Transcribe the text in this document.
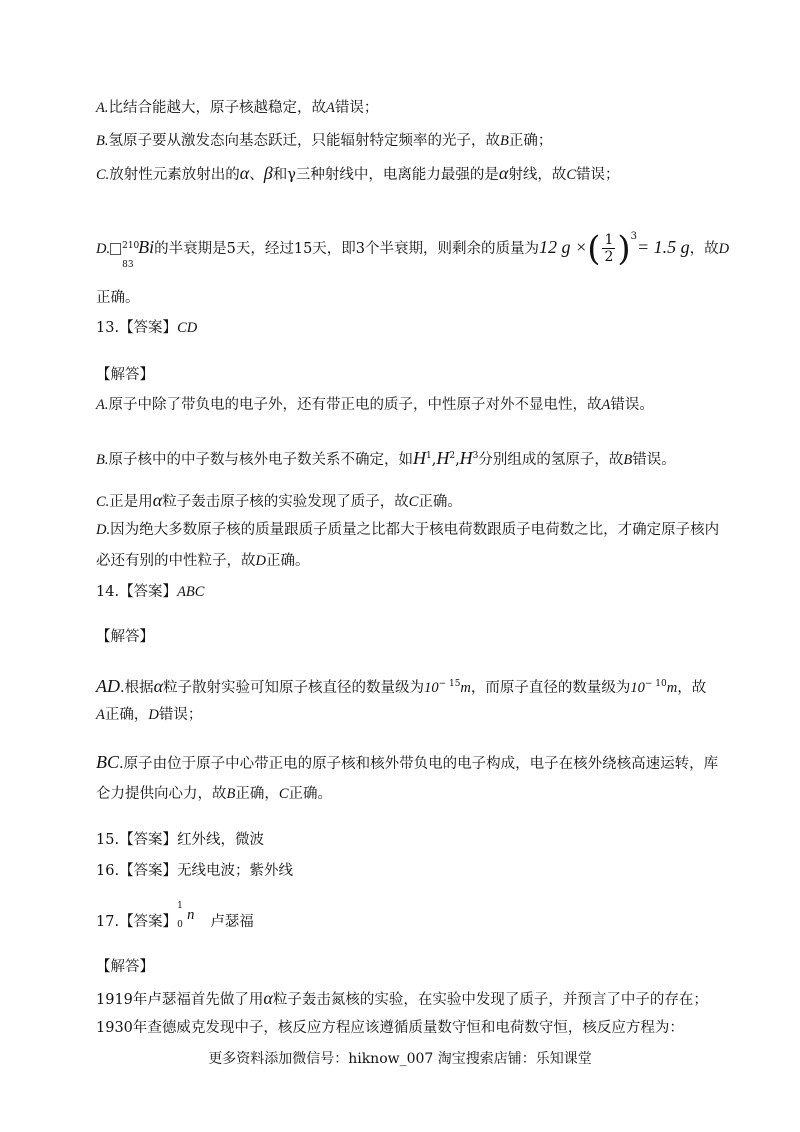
A.比结合能越大，原子核越稳定，故A错误；
B.氢原子要从激发态向基态跃迁，只能辐射特定频率的光子，故B正确；
C.放射性元素放射出的α、β和γ三种射线中，电离能力最强的是α射线，故C错误；
D. 210
83
Bi的半衰期是5天，经过15天，即3个半衰期，则剩余的质量为12 g ×( $\frac{1}{2} )^3= 1.5$ g，故D
正确。
13.【答案】CD
【解答】
A.原子中除了带负电的电子外，还有带正电的质子，中性原子对外不显电性，故A错误。
B.原子核中的中子数与核外电子数关系不确定，如$H^1,H^2,H^3$分别组成的氢原子，故B错误。
C.正是用α粒子轰击原子核的实验发现了质子，故C正确。
D.因为绝大多数原子核的质量跟质子质量之比都大于核电荷数跟质子电荷数之比，才确定原子核内
必还有别的中性粒子，故D正确。
14.【答案】ABC
【解答】
AD.根据α粒子散射实验可知原子核直径的数量级为$10^{- 15}m$，而原子直径的数量级为$10^{- 10}m$，故
A正确，D错误；
BC.原子由位于原子中心带正电的原子核和核外带负电的电子构成，电子在核外绕核高速运转，库
仑力提供向心力，故B正确，C正确。
15.【答案】红外线，微波
16.【答案】无线电波；紫外线
17.【答案】
1
0
n 卢瑟福
【解答】
1919年卢瑟福首先做了用α粒子轰击氮核的实验，在实验中发现了质子，并预言了中子的存在；
1930年查德威克发现中子，核反应方程应该遵循质量数守恒和电荷数守恒，核反应方程为：
更多资料添加微信号：hiknow_007 淘宝搜索店铺：乐知课堂
